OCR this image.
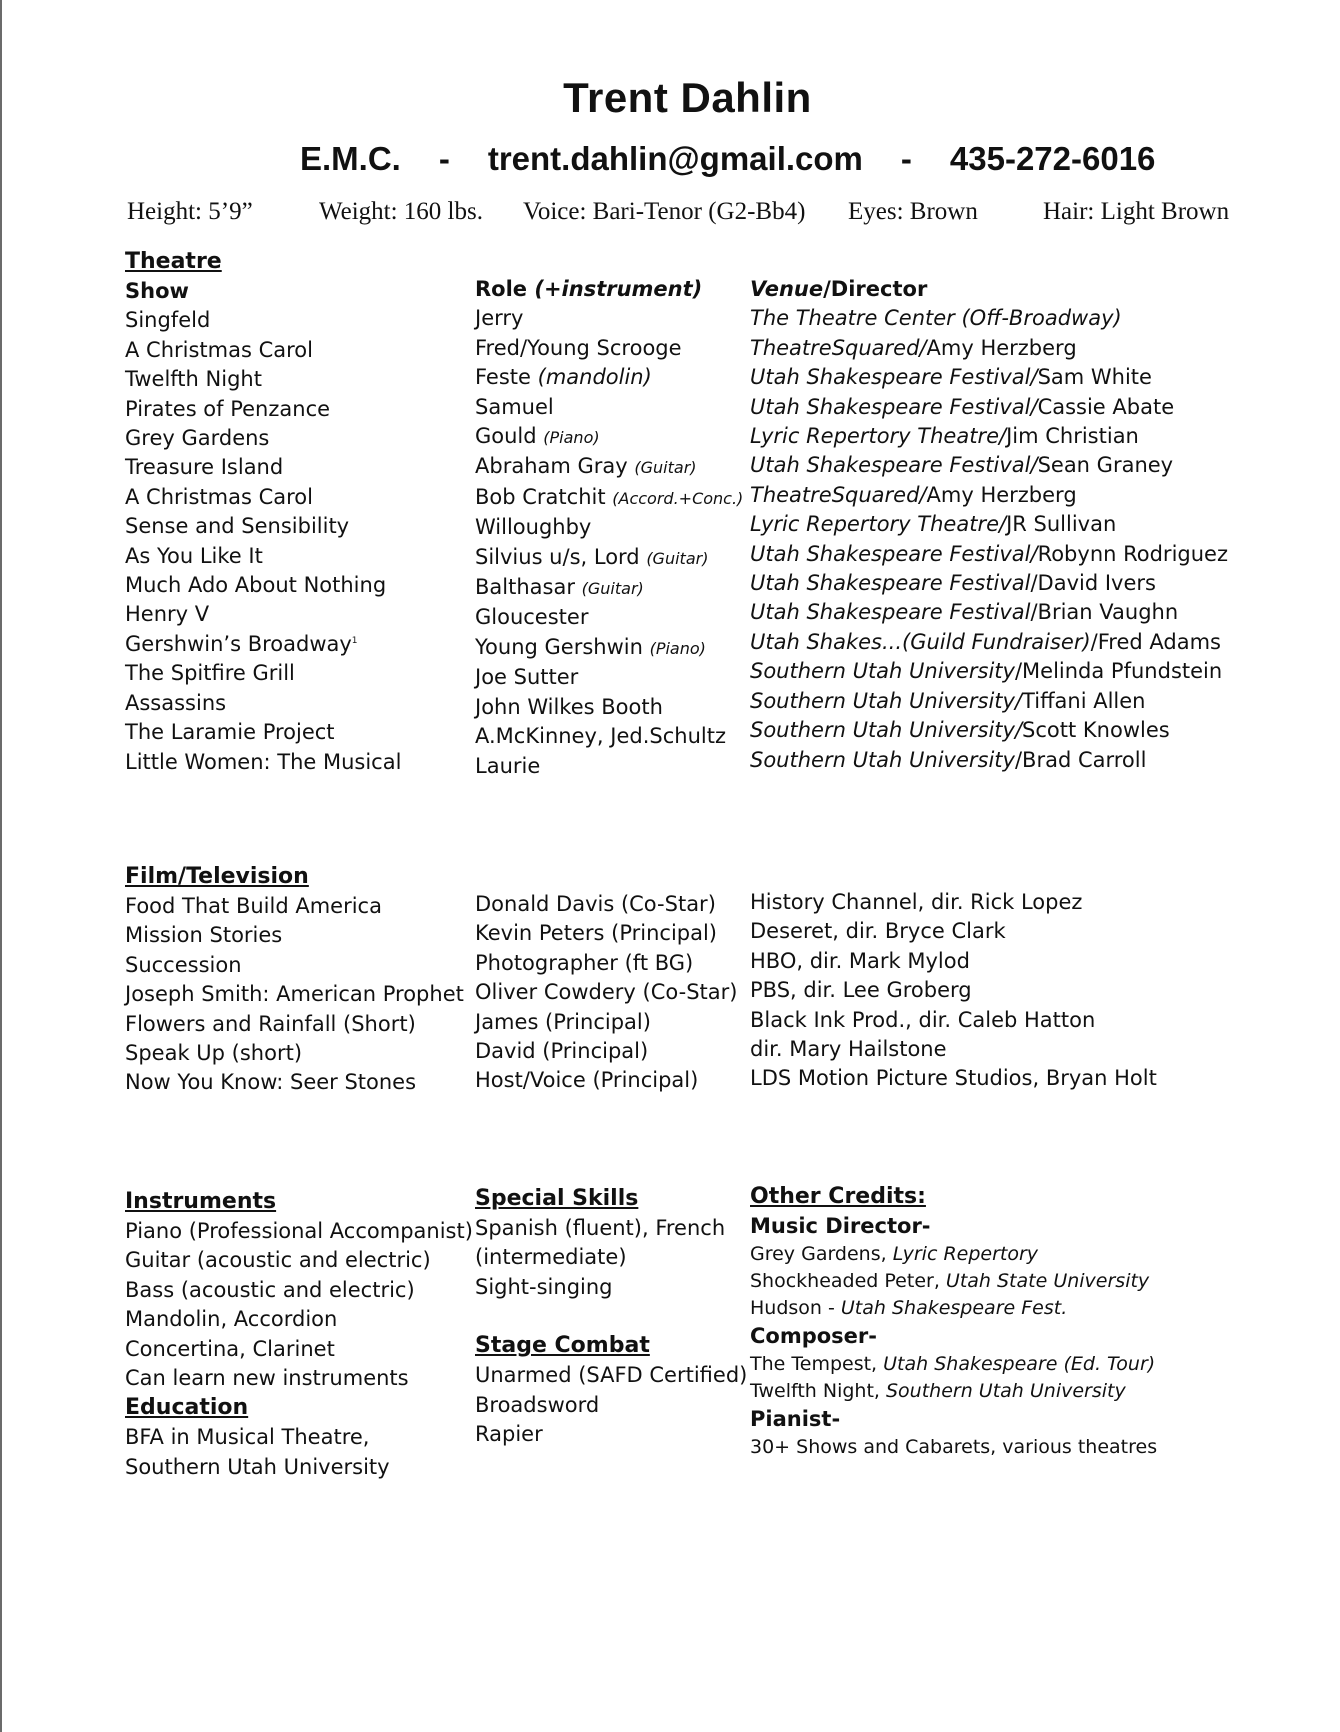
Trent Dahlin
E.M.C. - trent.dahlin@gmail.com - 435-272-6016
Height: 5’9”	Weight: 160 lbs. Voice: Bari-Tenor (G2-Bb4) Eyes: Brown	Hair: Light Brown
Theatre
Show
Singfeld
A Christmas Carol
Twelfth Night
Pirates of Penzance
Grey Gardens
Treasure Island
A Christmas Carol
Sense and Sensibility
As You Like It
Much Ado About Nothing
Henry V
Gershwin’s Broadway$^1$
The Spitfire Grill
Assassins
The Laramie Project
Little Women: The Musical
Role (+instrument)
Jerry
Fred/Young Scrooge
Feste (mandolin)
Samuel
Gould (Piano)
Abraham Gray (Guitar)
Bob Cratchit (Accord.+Conc.)
Willoughby
Silvius u/s, Lord (Guitar)
Balthasar (Guitar)
Gloucester
Young Gershwin (Piano)
Joe Sutter
John Wilkes Booth
A.McKinney, Jed.Schultz
Laurie
Venue/Director
The Theatre Center (Off-Broadway)
TheatreSquared/Amy Herzberg
Utah Shakespeare Festival/Sam White
Utah Shakespeare Festival/Cassie Abate
Lyric Repertory Theatre/Jim Christian
Utah Shakespeare Festival/Sean Graney
TheatreSquared/Amy Herzberg
Lyric Repertory Theatre/JR Sullivan
Utah Shakespeare Festival/Robynn Rodriguez
Utah Shakespeare Festival/David Ivers
Utah Shakespeare Festival/Brian Vaughn
Utah Shakes...(Guild Fundraiser)/Fred Adams
Southern Utah University/Melinda Pfundstein
Southern Utah University/Tiffani Allen
Southern Utah University/Scott Knowles
Southern Utah University/Brad Carroll
Film/Television
Food That Build America
Mission Stories
Succession
Joseph Smith: American Prophet
Flowers and Rainfall (Short)
Speak Up (short)
Now You Know: Seer Stones
Donald Davis (Co-Star)
Kevin Peters (Principal)
Photographer (ft BG)
Oliver Cowdery (Co-Star)
James (Principal)
David (Principal)
Host/Voice (Principal)
History Channel, dir. Rick Lopez
Deseret, dir. Bryce Clark
HBO, dir. Mark Mylod
PBS, dir. Lee Groberg
Black Ink Prod., dir. Caleb Hatton
dir. Mary Hailstone
LDS Motion Picture Studios, Bryan Holt
Instruments
Piano (Professional Accompanist)
Guitar (acoustic and electric)
Bass (acoustic and electric)
Mandolin, Accordion
Concertina, Clarinet
Can learn new instruments
Education
BFA in Musical Theatre,
Southern Utah University
Special Skills
Spanish (fluent), French
(intermediate)
Sight-singing
Stage Combat
Unarmed (SAFD Certified)
Broadsword
Rapier
Other Credits:
Music Director-
Grey Gardens, Lyric Repertory
Shockheaded Peter, Utah State University
Hudson - Utah Shakespeare Fest.
Composer-
The Tempest, Utah Shakespeare (Ed. Tour)
Twelfth Night, Southern Utah University
Pianist-
30+ Shows and Cabarets, various theatres
